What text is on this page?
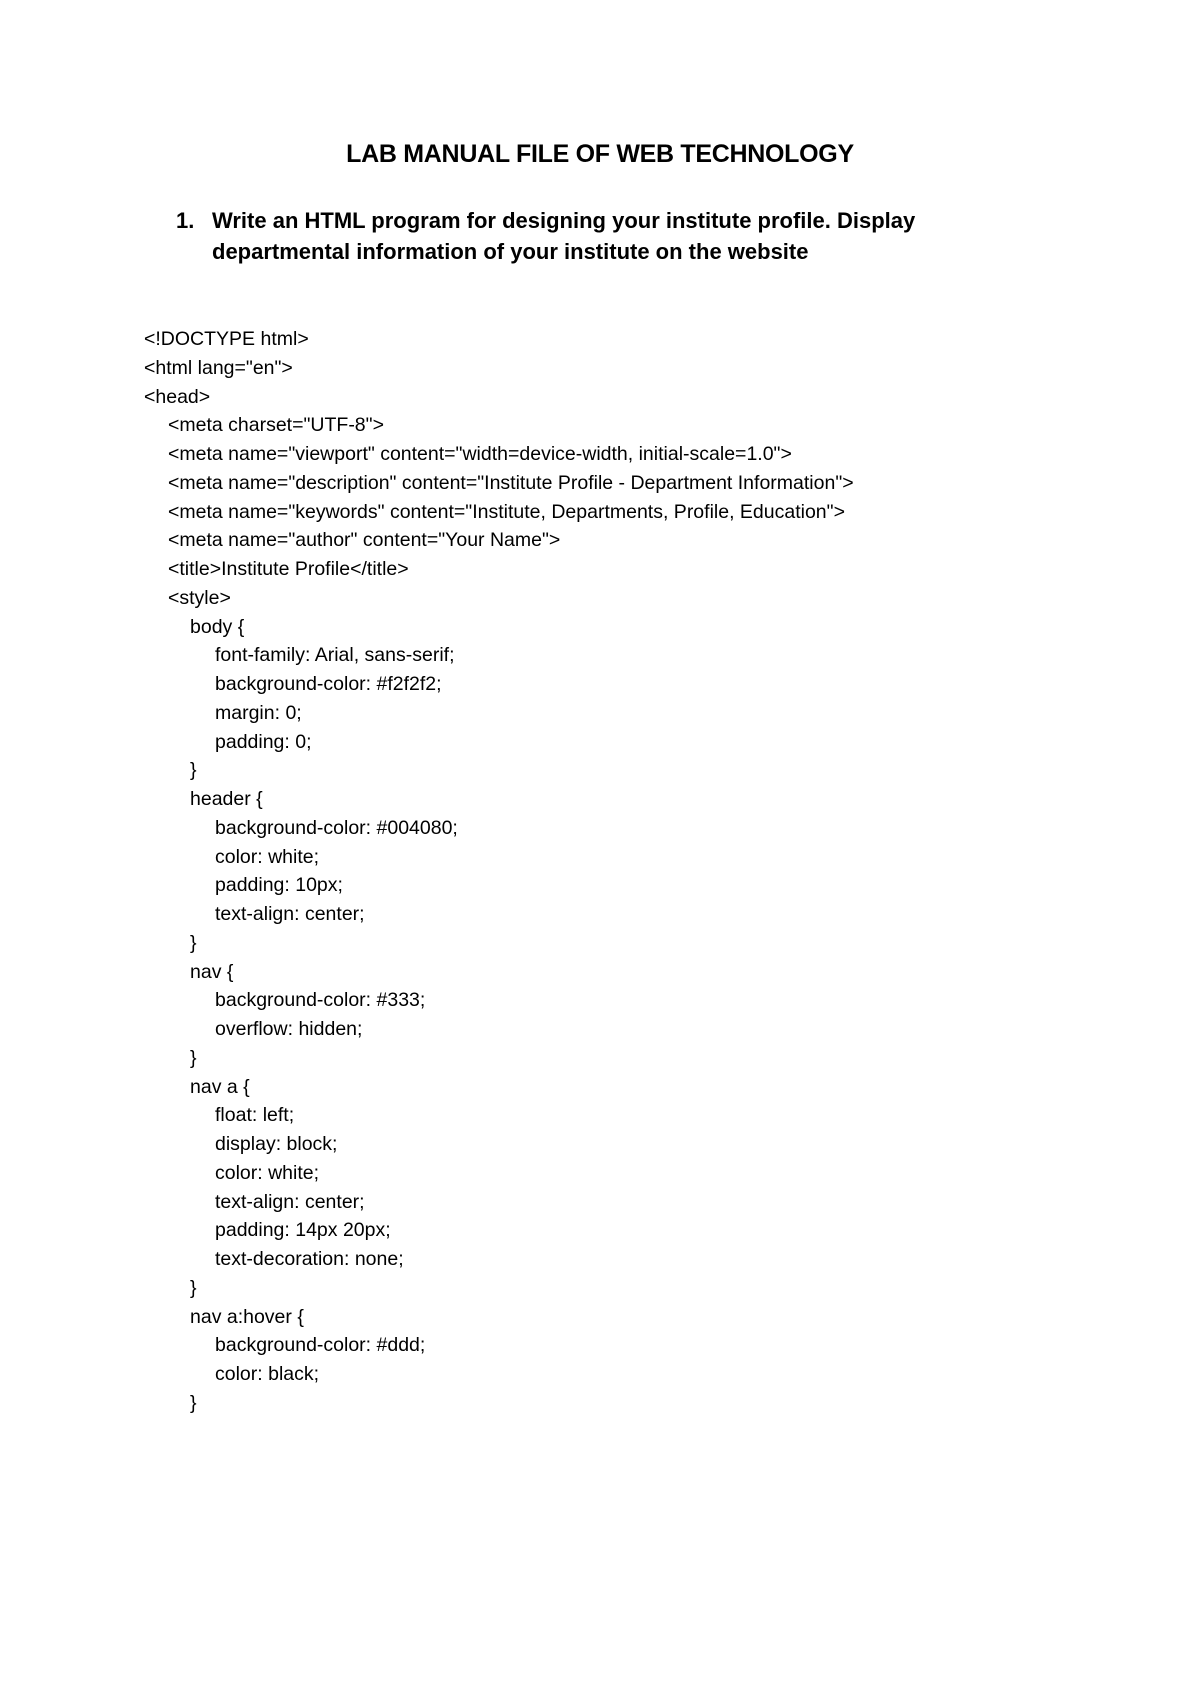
LAB MANUAL FILE OF WEB TECHNOLOGY
1. Write an HTML program for designing your institute profile. Display departmental information of your institute on the website
<!DOCTYPE html>
<html lang="en">
<head>
<meta charset="UTF-8">
<meta name="viewport" content="width=device-width, initial-scale=1.0">
<meta name="description" content="Institute Profile - Department Information">
<meta name="keywords" content="Institute, Departments, Profile, Education">
<meta name="author" content="Your Name">
<title>Institute Profile</title>
<style>
body {
font-family: Arial, sans-serif;
background-color: #f2f2f2;
margin: 0;
padding: 0;
}
header {
background-color: #004080;
color: white;
padding: 10px;
text-align: center;
}
nav {
background-color: #333;
overflow: hidden;
}
nav a {
float: left;
display: block;
color: white;
text-align: center;
padding: 14px 20px;
text-decoration: none;
}
nav a:hover {
background-color: #ddd;
color: black;
}
